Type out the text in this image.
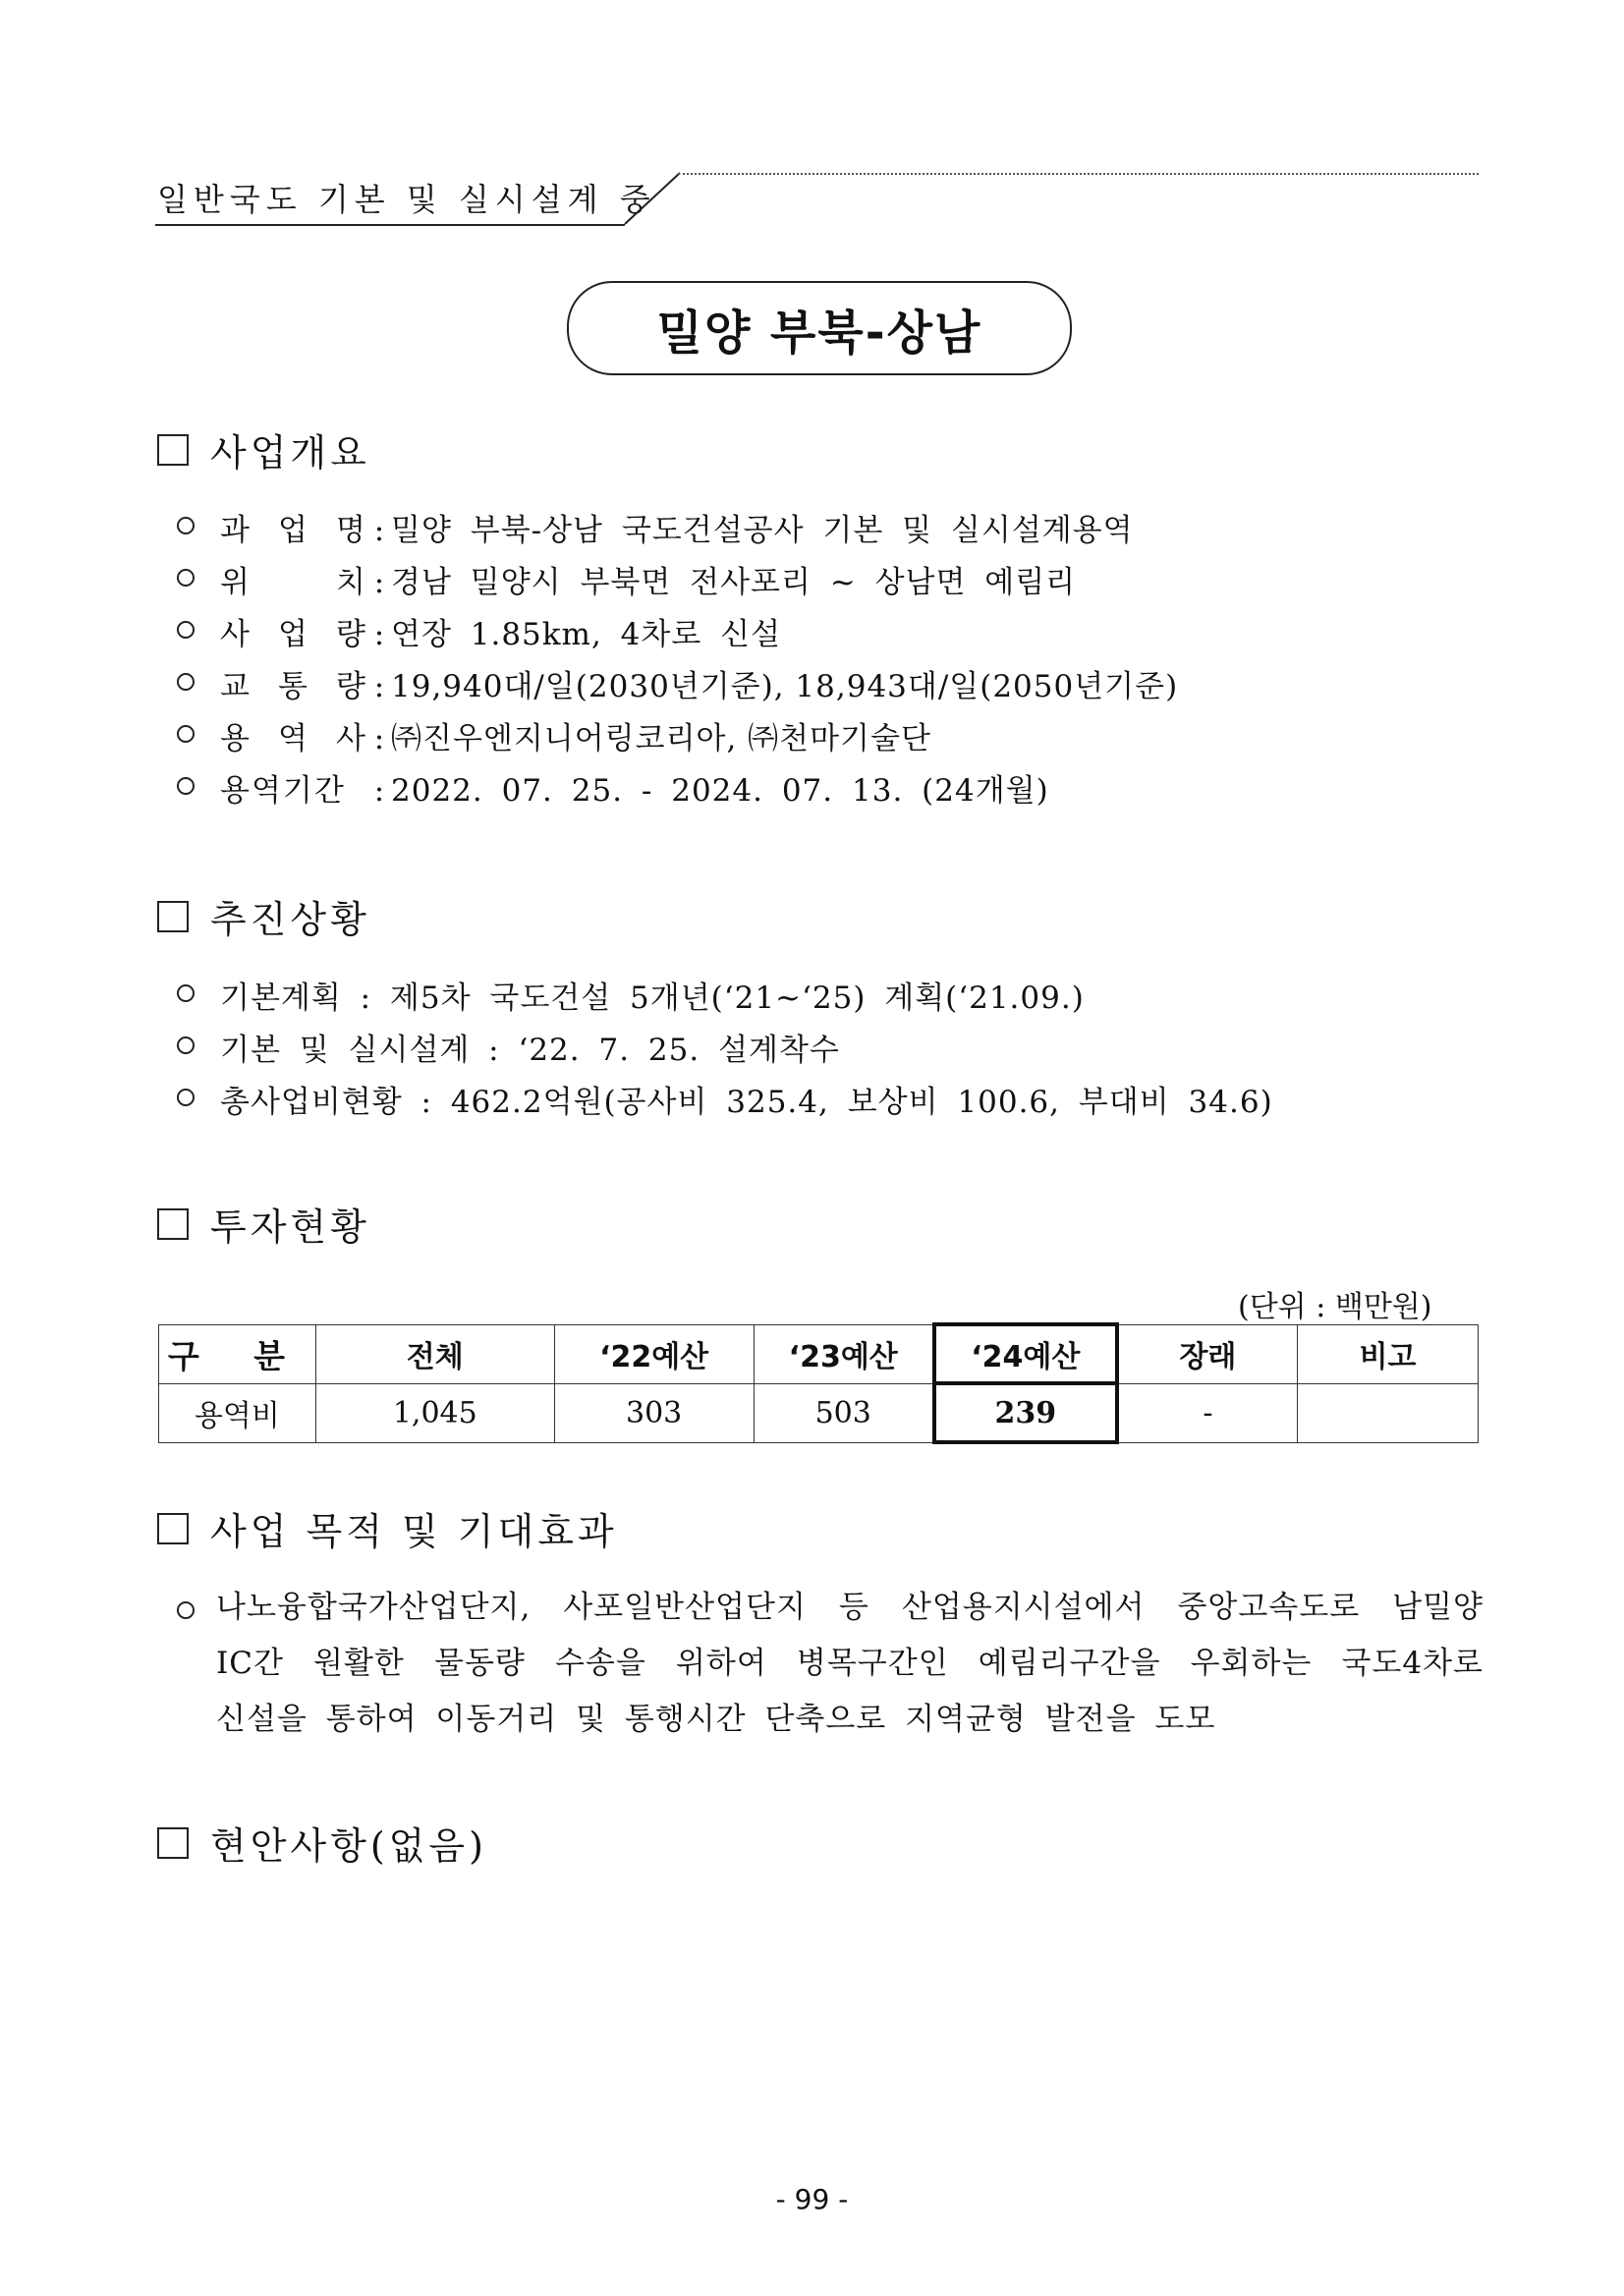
일반국도 기본 및 실시설계 중
밀양 부북-상남
사업개요
과 업 명 : 밀양 부북-상남 국도건설공사 기본 및 실시설계용역
위 치 : 경남 밀양시 부북면 전사포리 ~ 상남면 예림리
사 업 량 : 연장 1.85km, 4차로 신설
교 통 량 : 19,940대/일(2030년기준), 18,943대/일(2050년기준)
용 역 사 : ㈜진우엔지니어링코리아, ㈜천마기술단
용역기간 : 2022. 07. 25. - 2024. 07. 13. (24개월)
추진상황
기본계획 : 제5차 국도건설 5개년(‘21~‘25) 계획(‘21.09.)
기본 및 실시설계 : ‘22. 7. 25. 설계착수
총사업비현황 : 462.2억원(공사비 325.4, 보상비 100.6, 부대비 34.6)
투자현황
(단위 : 백만원)
구 분	전체	‘22예산	‘23예산	‘24예산	장래	비고
용역비	1,045	303	503	239	-	
사업 목적 및 기대효과
나노융합국가산업단지, 사포일반산업단지 등 산업용지시설에서 중앙고속도로 남밀양
IC간 원활한 물동량 수송을 위하여 병목구간인 예림리구간을 우회하는 국도4차로
신설을 통하여 이동거리 및 통행시간 단축으로 지역균형 발전을 도모
현안사항(없음)
- 99 -
